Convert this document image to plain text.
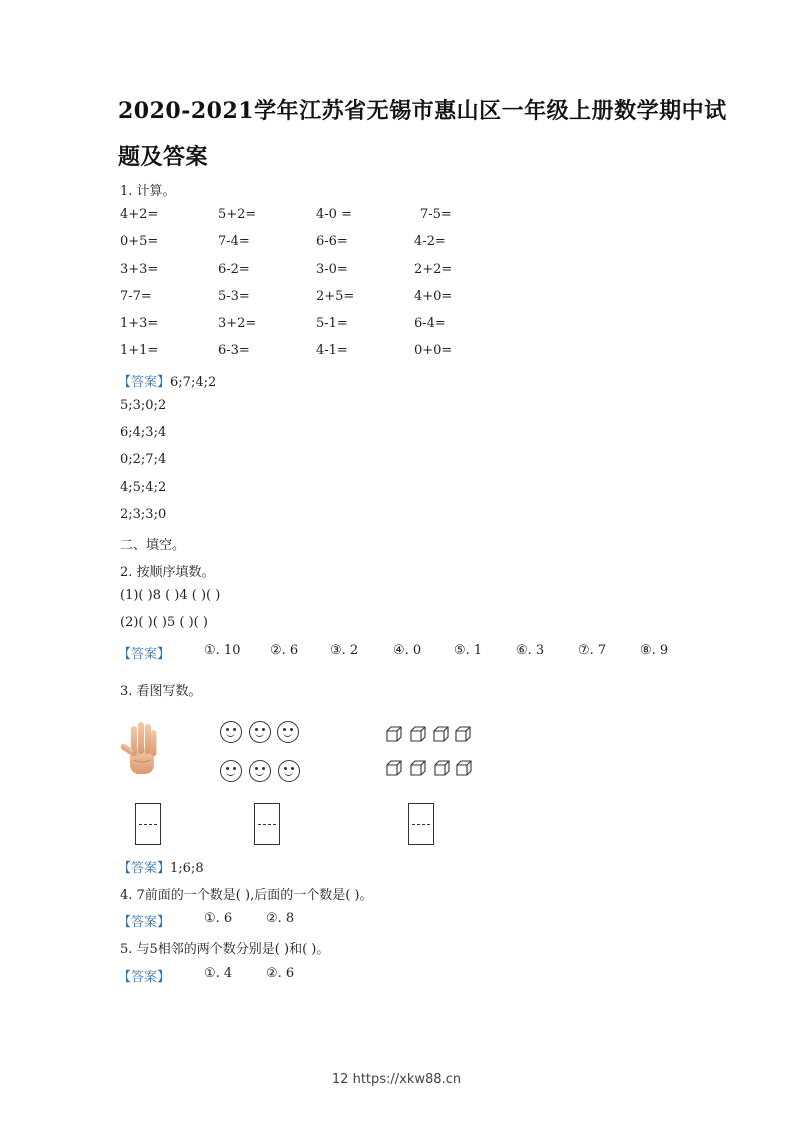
2020-2021学年江苏省无锡市惠山区一年级上册数学期中试
题及答案
1. 计算。
4+2=	5+2=	4-0 =	7-5=
0+5=	7-4=	6-6=	4-2=
3+3=	6-2=	3-0=	2+2=
7-7=	5-3=	2+5=	4+0=
1+3=	3+2=	5-1=	6-4=
1+1=	6-3=	4-1=	0+0=
【答案】6;7;4;2
5;3;0;2
6;4;3;4
0;2;7;4
4;5;4;2
2;3;3;0
二、填空。
2. 按顺序填数。
(1)( )8 ( )4 ( )( )
(2)( )( )5 ( )( )
【答案】	①. 10 ②. 6 ③. 2	④. 0	⑤. 1	⑥. 3	⑦. 7	⑧. 9
3. 看图写数。
【答案】1;6;8
4. 7前面的一个数是( ),后面的一个数是( )。
【答案】	①. 6	②. 8
5. 与5相邻的两个数分别是( )和( )。
【答案】	①. 4	②. 6
12 https://xkw88.cn
